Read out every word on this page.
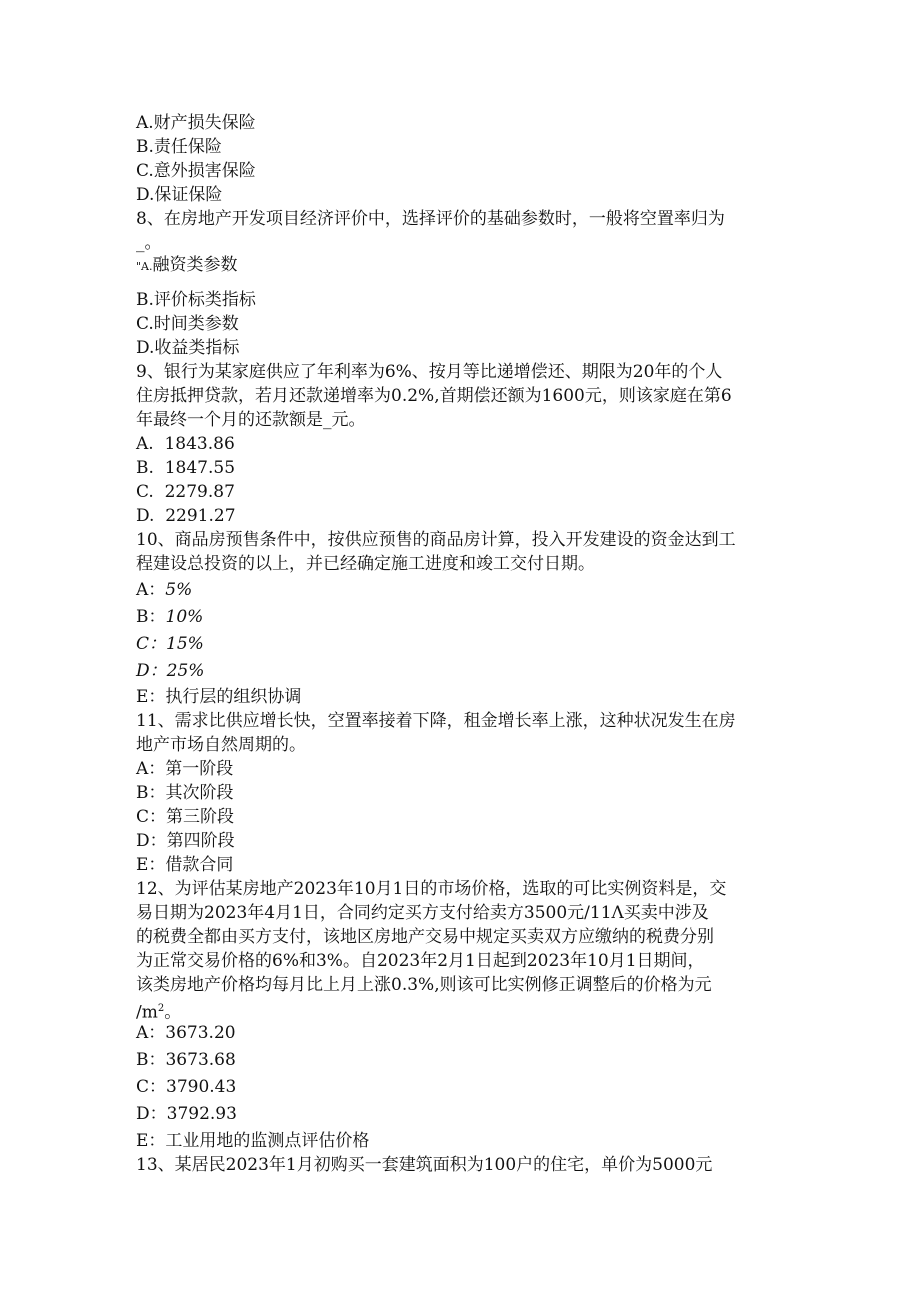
A.财产损失保险
B.责任保险
C.意外损害保险
D.保证保险
8、在房地产开发项目经济评价中，选择评价的基础参数时，一般将空置率归为
_。
"A.融资类参数
B.评价标类指标
C.时间类参数
D.收益类指标
9、银行为某家庭供应了年利率为6%、按月等比递增偿还、期限为20年的个人
住房抵押贷款，若月还款递增率为0.2%,首期偿还额为1600元，则该家庭在第6
年最终一个月的还款额是_元。
A.  1843.86
B.  1847.55
C.  2279.87
D.  2291.27
10、商品房预售条件中，按供应预售的商品房计算，投入开发建设的资金达到工
程建设总投资的以上，并已经确定施工进度和竣工交付日期。
A：5%
B：10%
C：15%
D：25%
E：执行层的组织协调
11、需求比供应增长快，空置率接着下降，租金增长率上涨，这种状况发生在房
地产市场自然周期的。
A：第一阶段
B：其次阶段
C：第三阶段
D：第四阶段
E：借款合同
12、为评估某房地产2023年10月1日的市场价格，选取的可比实例资料是，交
易日期为2023年4月1日，合同约定买方支付给卖方3500元/11Λ买卖中涉及
的税费全都由买方支付，该地区房地产交易中规定买卖双方应缴纳的税费分别
为正常交易价格的6%和3%。自2023年2月1日起到2023年10月1日期间，
该类房地产价格均每月比上月上涨0.3%,则该可比实例修正调整后的价格为元
$/m^2$。
A：3673.20
B：3673.68
C：3790.43
D：3792.93
E：工业用地的监测点评估价格
13、某居民2023年1月初购买一套建筑面积为100户的住宅，单价为5000元
